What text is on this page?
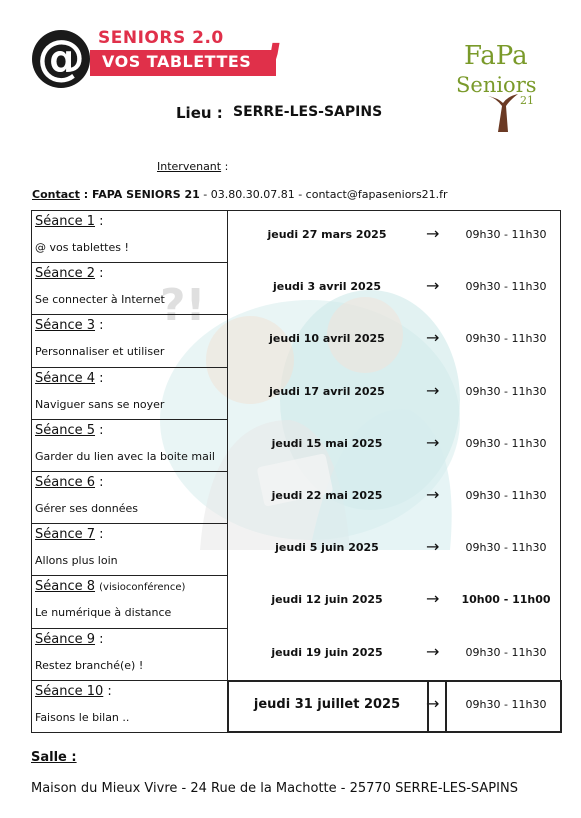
@ SENIORS 2.0
VOS TABLETTES !	FaPa
Seniors
21
Lieu : SERRE-LES-SAPINS
Intervenant :
Contact : FAPA SENIORS 21 - 03.80.30.07.81 - contact@fapaseniors21.fr
?!
Séance 1 :
@ vos tablettes !
jeudi 27 mars 2025	→	09h30 - 11h30
Séance 2 :
Se connecter à Internet
jeudi 3 avril 2025	→	09h30 - 11h30
Séance 3 :
Personnaliser et utiliser
jeudi 10 avril 2025	→	09h30 - 11h30
Séance 4 :
Naviguer sans se noyer
jeudi 17 avril 2025	→	09h30 - 11h30
Séance 5 :
Garder du lien avec la boite mail
jeudi 15 mai 2025	→	09h30 - 11h30
Séance 6 :
Gérer ses données
jeudi 22 mai 2025	→	09h30 - 11h30
Séance 7 :
Allons plus loin
jeudi 5 juin 2025	→	09h30 - 11h30
Séance 8 (visioconférence)
Le numérique à distance
jeudi 12 juin 2025	→	10h00 - 11h00
Séance 9 :
Restez branché(e) !
jeudi 19 juin 2025	→	09h30 - 11h30
Séance 10 :
Faisons le bilan ..
jeudi 31 juillet 2025	→	09h30 - 11h30
Salle :
Maison du Mieux Vivre - 24 Rue de la Machotte - 25770 SERRE-LES-SAPINS
